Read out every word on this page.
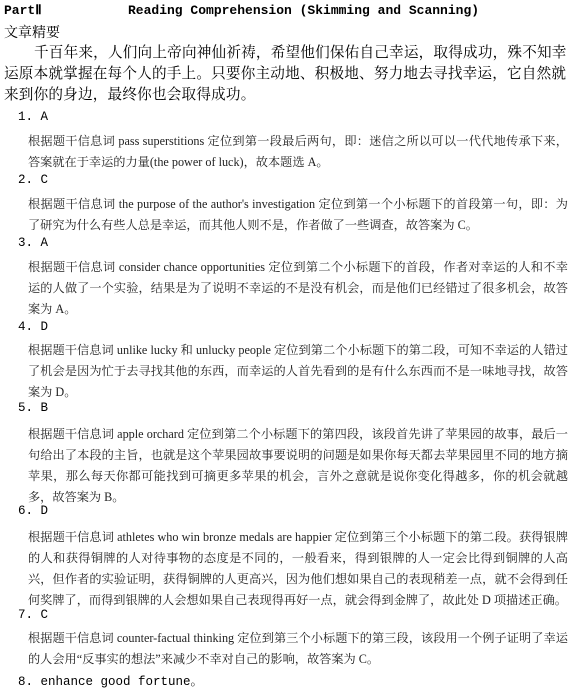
PartⅡ	Reading Comprehension (Skimming and Scanning)
文章精要
千百年来，人们向上帝向神仙祈祷，希望他们保佑自己幸运，取得成功，殊不知幸运原本就掌握在每个人的手上。只要你主动地、积极地、努力地去寻找幸运，它自然就来到你的身边，最终你也会取得成功。
1. A
根据题干信息词 pass superstitions 定位到第一段最后两句，即：迷信之所以可以一代代地传承下来，答案就在于幸运的力量(the power of luck)，故本题选 A。
2. C
根据题干信息词 the purpose of the author's investigation 定位到第一个小标题下的首段第一句，即：为了研究为什么有些人总是幸运，而其他人则不是，作者做了一些调查，故答案为 C。
3. A
根据题干信息词 consider chance opportunities 定位到第二个小标题下的首段，作者对幸运的人和不幸运的人做了一个实验，结果是为了说明不幸运的不是没有机会，而是他们已经错过了很多机会，故答案为 A。
4. D
根据题干信息词 unlike lucky 和 unlucky people 定位到第二个小标题下的第二段，可知不幸运的人错过了机会是因为忙于去寻找其他的东西，而幸运的人首先看到的是有什么东西而不是一味地寻找，故答案为 D。
5. B
根据题干信息词 apple orchard 定位到第二个小标题下的第四段，该段首先讲了苹果园的故事，最后一句给出了本段的主旨，也就是这个苹果园故事要说明的问题是如果你每天都去苹果园里不同的地方摘苹果，那么每天你都可能找到可摘更多苹果的机会，言外之意就是说你变化得越多，你的机会就越多，故答案为 B。
6. D
根据题干信息词 athletes who win bronze medals are happier 定位到第三个小标题下的第二段。获得银牌的人和获得铜牌的人对待事物的态度是不同的，一般看来，得到银牌的人一定会比得到铜牌的人高兴，但作者的实验证明，获得铜牌的人更高兴，因为他们想如果自己的表现稍差一点，就不会得到任何奖牌了，而得到银牌的人会想如果自己表现得再好一点，就会得到金牌了，故此处 D 项描述正确。
7. C
根据题干信息词 counter-factual thinking 定位到第三个小标题下的第三段，该段用一个例子证明了幸运的人会用“反事实的想法”来减少不幸对自己的影响，故答案为 C。
8. enhance good fortune。
